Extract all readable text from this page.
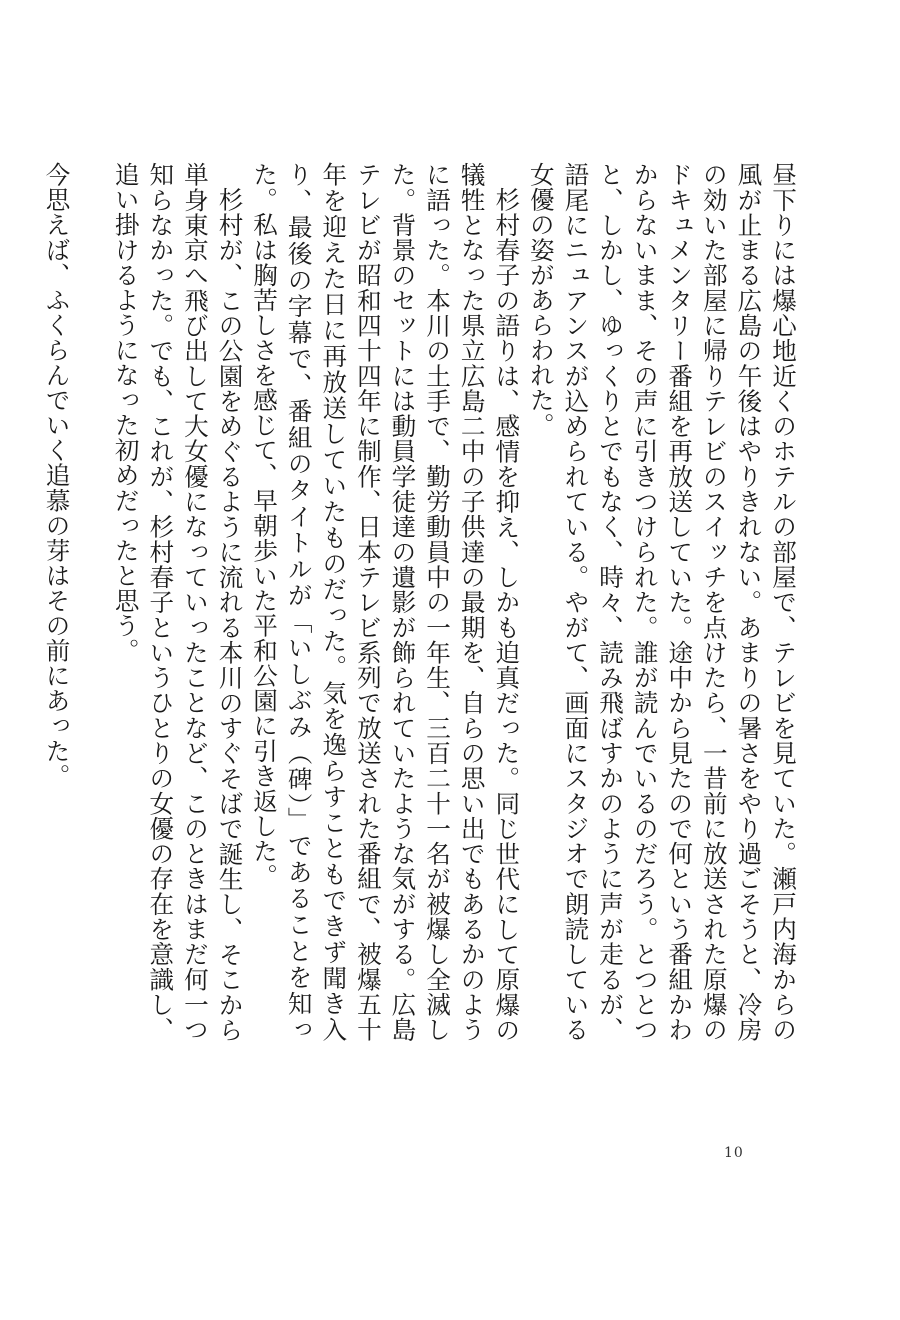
昼下りには爆心地近くのホテルの部屋で、テレビを見ていた。瀬戸内海からの風が止まる広島の午後はやりきれない。あまりの暑さをやり過ごそうと、冷房の効いた部屋に帰りテレビのスイッチを点けたら、一昔前に放送された原爆のドキュメンタリー番組を再放送していた。途中から見たので何という番組かわからないまま、その声に引きつけられた。誰が読んでいるのだろう。とつとつと、しかし、ゆっくりとでもなく、時々、読み飛ばすかのように声が走るが、語尾にニュアンスが込められている。やがて、画面にスタジオで朗読している女優の姿があらわれた。

杉村春子の語りは、感情を抑え、しかも迫真だった。同じ世代にして原爆の犠牲となった県立広島二中の子供達の最期を、自らの思い出でもあるかのように語った。本川の土手で、勤労動員中の一年生、三百二十一名が被爆し全滅した。背景のセットには動員学徒達の遺影が飾られていたような気がする。広島テレビが昭和四十四年に制作、日本テレビ系列で放送された番組で、被爆五十年を迎えた日に再放送していたものだった。気を逸らすこともできず聞き入り、最後の字幕で、番組のタイトルが「いしぶみ（碑）」であることを知った。私は胸苦しさを感じて、早朝歩いた平和公園に引き返した。

杉村が、この公園をめぐるように流れる本川のすぐそばで誕生し、そこから単身東京へ飛び出して大女優になっていったことなど、このときはまだ何一つ知らなかった。でも、これが、杉村春子というひとりの女優の存在を意識し、追い掛けるようになった初めだったと思う。

今思えば、ふくらんでいく追慕の芽はその前にあった。

10
